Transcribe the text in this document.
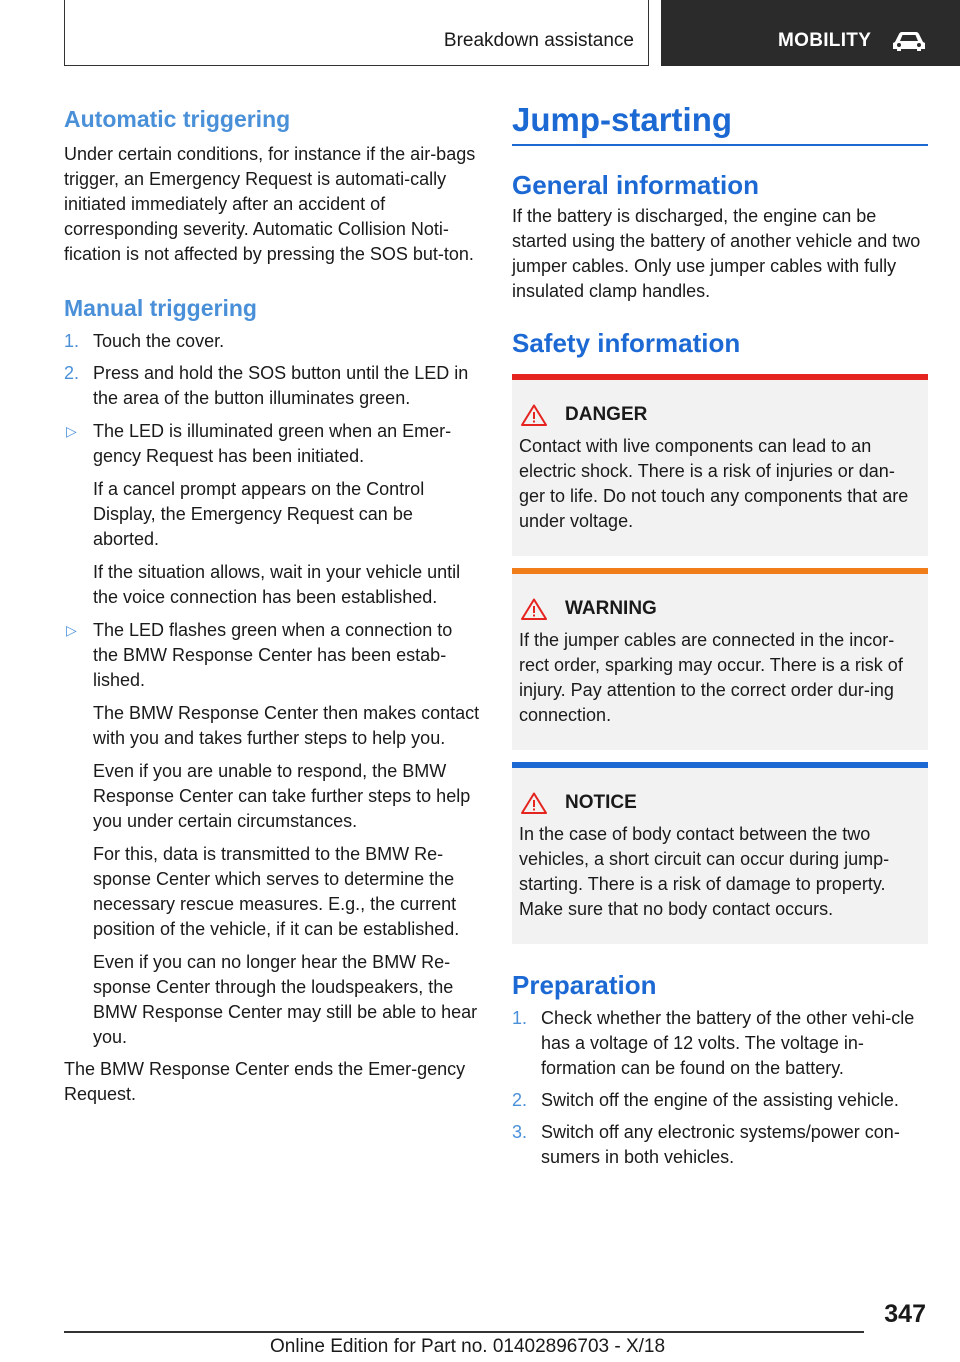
Breakdown assistance	MOBILITY
Automatic triggering

Under certain conditions, for instance if the air-bags trigger, an Emergency Request is automati-cally initiated immediately after an accident of corresponding severity. Automatic Collision Noti-fication is not affected by pressing the SOS but-ton.

Manual triggering
1. Touch the cover.
2. Press and hold the SOS button until the LED in the area of the button illuminates green.
▷ The LED is illuminated green when an Emer-gency Request has been initiated.

If a cancel prompt appears on the Control Display, the Emergency Request can be aborted.

If the situation allows, wait in your vehicle until the voice connection has been established.

▷ The LED flashes green when a connection to the BMW Response Center has been estab-lished.

The BMW Response Center then makes contact with you and takes further steps to help you.

Even if you are unable to respond, the BMW Response Center can take further steps to help you under certain circumstances.

For this, data is transmitted to the BMW Re-sponse Center which serves to determine the necessary rescue measures. E.g., the current position of the vehicle, if it can be established.

Even if you can no longer hear the BMW Re-sponse Center through the loudspeakers, the BMW Response Center may still be able to hear you.

The BMW Response Center ends the Emer-gency Request.

Jump-starting
General information

If the battery is discharged, the engine can be started using the battery of another vehicle and two jumper cables. Only use jumper cables with fully insulated clamp handles.

Safety information
DANGER

Contact with live components can lead to an electric shock. There is a risk of injuries or dan-ger to life. Do not touch any components that are under voltage.

WARNING

If the jumper cables are connected in the incor-rect order, sparking may occur. There is a risk of injury. Pay attention to the correct order dur-ing connection.

NOTICE

In the case of body contact between the two vehicles, a short circuit can occur during jump-starting. There is a risk of damage to property. Make sure that no body contact occurs.

Preparation
1. Check whether the battery of the other vehi-cle has a voltage of 12 volts. The voltage in-formation can be found on the battery.
2. Switch off the engine of the assisting vehicle.
3. Switch off any electronic systems/power con-sumers in both vehicles.
347
Online Edition for Part no. 01402896703 - X/18
